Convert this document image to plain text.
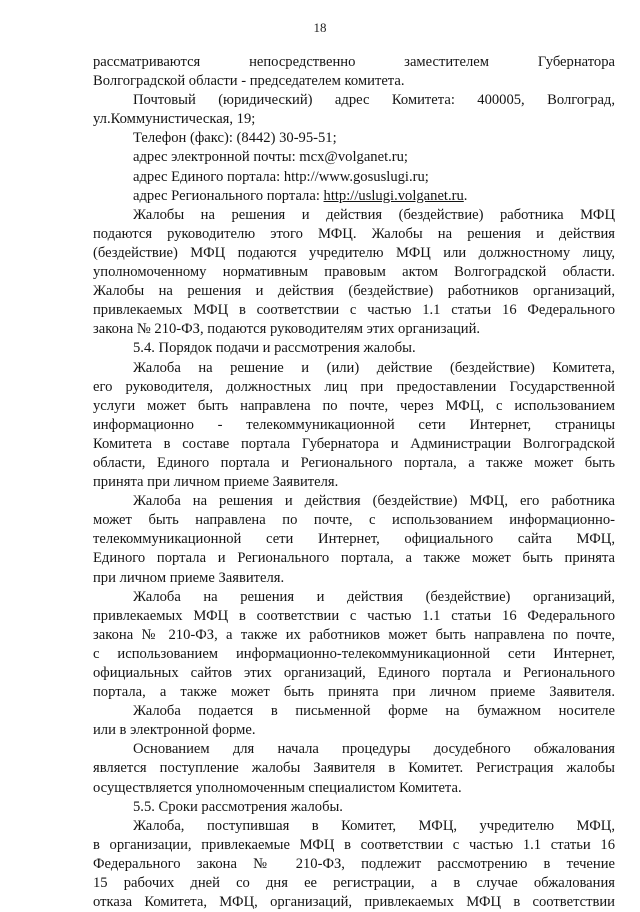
18
рассматриваются непосредственно заместителем Губернатора
Волгоградской области - председателем комитета.
Почтовый (юридический) адрес Комитета: 400005, Волгоград,
ул.Коммунистическая, 19;
Телефон (факс): (8442) 30-95-51;
адрес электронной почты: mcx@volganet.ru;
адрес Единого портала: http://www.gosuslugi.ru;
адрес Регионального портала: http://uslugi.volganet.ru.
Жалобы на решения и действия (бездействие) работника МФЦ
подаются руководителю этого МФЦ. Жалобы на решения и действия
(бездействие) МФЦ подаются учредителю МФЦ или должностному лицу,
уполномоченному нормативным правовым актом Волгоградской области.
Жалобы на решения и действия (бездействие) работников организаций,
привлекаемых МФЦ в соответствии с частью 1.1 статьи 16 Федерального
закона № 210-ФЗ, подаются руководителям этих организаций.
5.4. Порядок подачи и рассмотрения жалобы.
Жалоба на решение и (или) действие (бездействие) Комитета,
его руководителя, должностных лиц при предоставлении Государственной
услуги может быть направлена по почте, через МФЦ, с использованием
информационно - телекоммуникационной сети Интернет, страницы
Комитета в составе портала Губернатора и Администрации Волгоградской
области, Единого портала и Регионального портала, а также может быть
принята при личном приеме Заявителя.
Жалоба на решения и действия (бездействие) МФЦ, его работника
может быть направлена по почте, с использованием информационно-
телекоммуникационной сети Интернет, официального сайта МФЦ,
Единого портала и Регионального портала, а также может быть принята
при личном приеме Заявителя.
Жалоба на решения и действия (бездействие) организаций,
привлекаемых МФЦ в соответствии с частью 1.1 статьи 16 Федерального
закона № 210-ФЗ, а также их работников может быть направлена по почте,
с использованием информационно-телекоммуникационной сети Интернет,
официальных сайтов этих организаций, Единого портала и Регионального
портала, а также может быть принята при личном приеме Заявителя.
Жалоба подается в письменной форме на бумажном носителе
или в электронной форме.
Основанием для начала процедуры досудебного обжалования
является поступление жалобы Заявителя в Комитет. Регистрация жалобы
осуществляется уполномоченным специалистом Комитета.
5.5. Сроки рассмотрения жалобы.
Жалоба, поступившая в Комитет, МФЦ, учредителю МФЦ,
в организации, привлекаемые МФЦ в соответствии с частью 1.1 статьи 16
Федерального закона № 210-ФЗ, подлежит рассмотрению в течение
15 рабочих дней со дня ее регистрации, а в случае обжалования
отказа Комитета, МФЦ, организаций, привлекаемых МФЦ в соответствии
